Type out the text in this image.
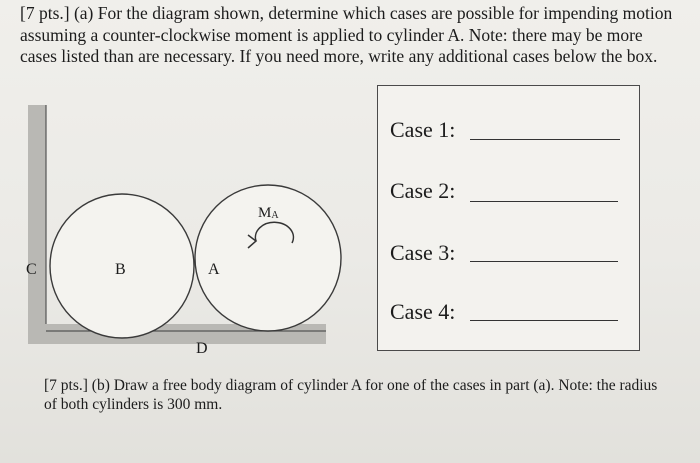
[7 pts.] (a) For the diagram shown, determine which cases are possible for impending motion assuming a counter-clockwise moment is applied to cylinder A. Note: there may be more cases listed than are necessary. If you need more, write any additional cases below the box.
C	B	A
$M_A$
D
Case 1:
Case 2:
Case 3:
Case 4:
[7 pts.] (b) Draw a free body diagram of cylinder A for one of the cases in part (a). Note: the radius of both cylinders is 300 mm.
